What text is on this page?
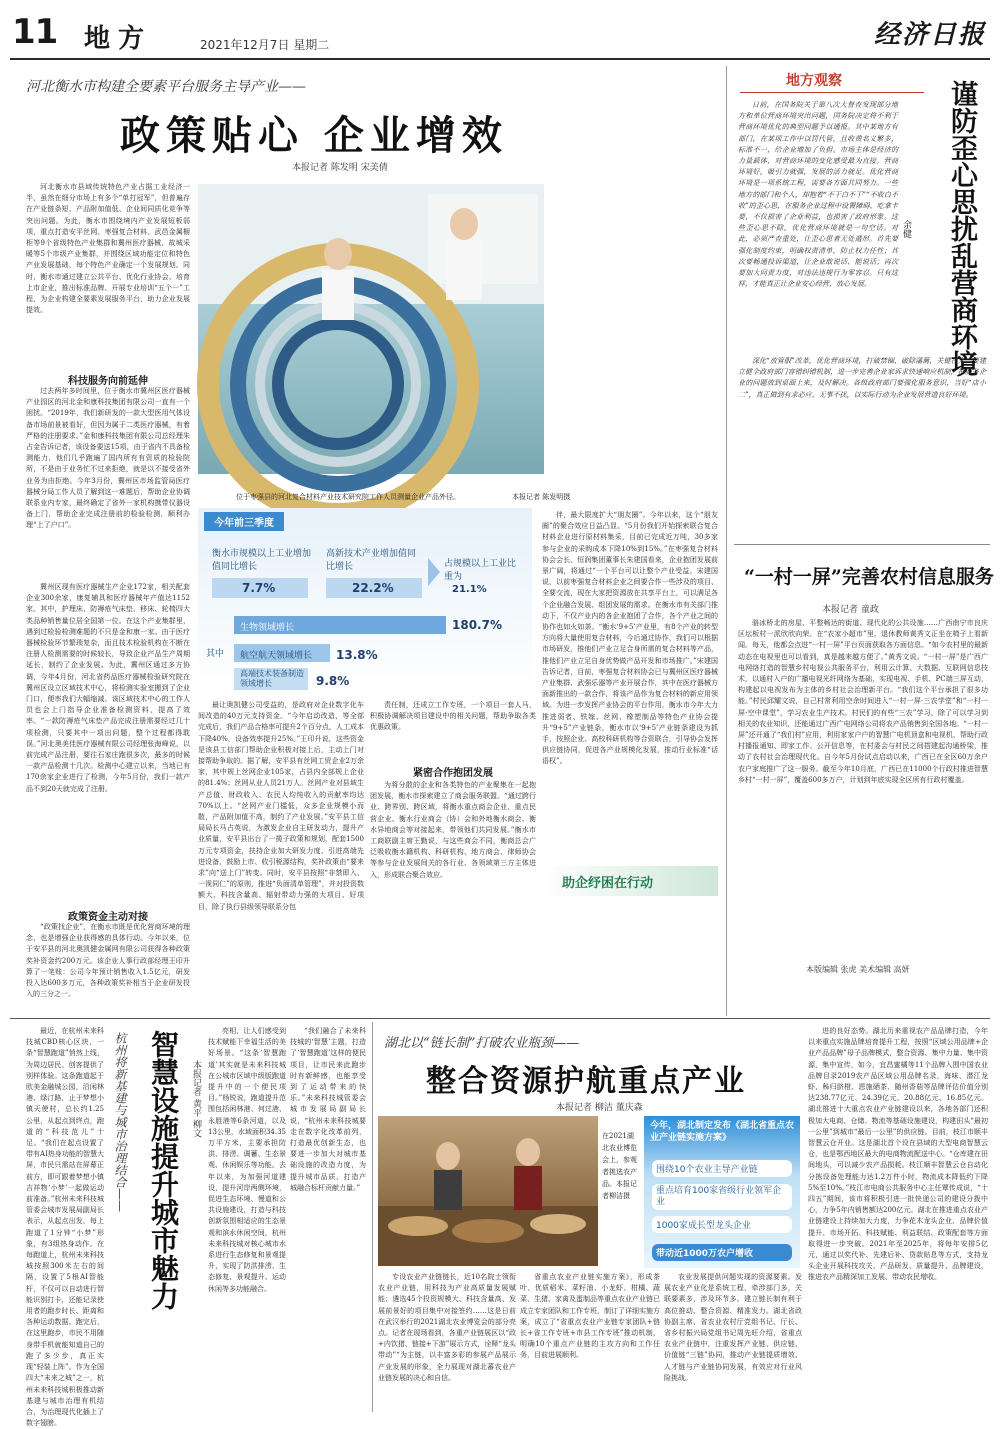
11 地方	2021年12月7日 星期二	经济日报
河北衡水市构建全要素平台服务主导产业——
政策贴心 企业增效
本报记者 陈发明 宋美倩

河北衡水市县域传统特色产业占据工业经济一半，虽然在细分市场上有多个“单打冠军”，但普遍存在产业链条短、产品附加值低、企业间同质化竞争等突出问题。为此，衡水市围绕境内产业发展短板弱项，重点打造安平丝网、枣强复合材料、武邑金属橱柜等9个省级特色产业集群和冀州医疗器械、故城采暖等5个市级产业集群，并围绕区域功能定位和特色产业发展基础，每个特色产业确定一个发展规划。同时，衡水市通过建立公共平台、优化行业协会、培育上市企业，推出标准品牌、开展专业培训“五个一”工程，为企业构建全要素发展服务平台，助力企业发展提效。

科技服务向前延伸

过去两年多时间里，位于衡水市冀州区医疗器械产业园区的河北金和康科技集团有限公司一直有一个困扰。“2019年，我们新研发的一款大型医用气体设备市场前景被看好，但因为属于二类医疗器械，有着严格的注册要求。”金和康科技集团有限公司总经理朱占金告诉记者，该设备要送15项，由于省内不具备检测能力，他们几乎跑遍了国内所有有资质的检验院所，不是由于业务忙不过来拒绝，就是以不接受省外业务为由拒绝。今年3月份，冀州区市场监管局医疗器械分局工作人员了解到这一难题后，帮助企业协调联系业内专家，最终确定了省外一家机构携带仪器设备上门，帮助企业完成注册前的检验检测，顺利办理“上了户口”。

冀州区现有医疗器械生产企业172家，相关配套企业300余家，康复辅具和医疗器械年产值达1152家。其中，护理床、防褥疮气床垫、移床、轮椅四大类品种销售量位居全国第一位。在这个产业集群里，遇到过检验检测难题的不只是金和康一家。由于医疗器械检验环节繁琐复杂，而且技术检验机构在不断在注册人检测需要的时候较长，导致企业产品生产周期延长，制约了企业发展。为此，冀州区通过多方协调，今年4月份，河北省药品医疗器械检验研究院在冀州区设立区域技术中心，将检测实验室搬到了企业门口，便率我们大幅缩减。该区域技术中心的工作人员也会上门指导企业准备检测资料，提高了效率。“一款防褥疮气床垫产品完成注册需要经过几十项检测，只要其中一项出问题，整个过程都得耽误。”河北奥美佳医疗器械有限公司经理张海峰说，以前完成产品注册，要往石家庄跑很多次，最多的时候一款产品检测十几次。检测中心建立以来，当地已有170余家企业进行了检测，今年5月份，我们一款产品不到20天就完成了注册。

政策资金主动对接

“政策找企业”，在衡水市既是优化营商环境的理念，也是增强企业获得感的具体行动。今年以来，位于安平县的河北奥凯健金属网有限公司获得各种政策奖补资金约200万元。该企业人事行政部经理王印升算了一笔账：公司今年预计销售收入1.5亿元，研发投入达600多万元，各种政策奖补相当于企业研发投入的三分之一。

位于枣强县的河北复合材料产业技术研究院工作人员测量企业产品外径。	本报记者 陈发明摄
今年前三季度
衡水市规模以上工业增加值同比增长
7.7%
高新技术产业增加值同比增长
22.2%
占规模以上工业比重为
21.1%
其中
生物领域增长	180.7%
航空航天领域增长 13.8%
高端技术装备制造领域增长	9.8%

最让奥凯健公司受益的，是政府对企业数字化车间改造的40万元支持资金。“今年启动改造，等全部完成后，我们产品合格率可提升2个百分点，人工成本下降40%，设备效率提升25%。”王印升说，这些资金是该县工信部门帮助企业积极对接上后，主动上门对接帮助争取的。据了解，安平县有丝网工贸企业2万余家，其中规上丝网企业105家，占县内全部规上企业的81.4%；丝网从业人员21万人。丝网产业对县域生产总值、财政收入、农民人均纯收入的贡献率均达70%以上。“丝网产业门槛低，众多企业规模小而散，产品附加值不高，制约了产业发展。”安平县工信局局长马占英说，为激发企业自主研发动力，提升产业质量，安平县出台了一揽子政策和规划，配套1500万元专项资金，扶持企业加大研发力度、引进高端先进设备，鼓励上市、收引税源结构，奖补政策由“要来求”向“送上门”转变。同时，安平县按照“非禁即入、一视同仁”的原则，推进“负面清单管理”，并对投资数额大、科技含量高、辐射带动力强的大项目、好项目，除了执行县级领导联系分包

责任制，还成立工作专班，一个项目一套人马，积极协调解决项目建设中的相关问题，帮助争取各类优惠政策。

紧密合作抱团发展

为将分散的企业和各类特色的产业聚集在一起抱团发展，衡水市探索建立了商会服务联盟。“通过跨行业、跨界别、跨区域，将衡水重点商会企业、重点民营企业、衡水行业商会（协）会和外地衡水商会、衡水异地商会等对接起来，带领他们共同发展。”衡水市工商联副主席王勤说，与这些商会不同，衡商总会广泛吸收衡水籍机构、科研机构、地方商会、律师协会等参与企业发展间关的各行业、各领域第三方主体进入，形成联合聚合效应。

伴，最大限度扩大“朋友圈”。今年以来，这个“朋友圈”的聚合效应日益凸显。“5月份我们开始探索联合复合材料企业进行原材料集采，目前已完成近万吨，30多家参与企业的采购成本下降10%到15%。”在枣强复合材料协会会长、恒润集团董事长朱建国看来，企业抱团发展前景广阔，将通过“一个平台可以让整个产业受益。宋建国说，以前枣强复合材料企业之间要合作一些涉及的项目、全要交流，现在大家把资源放在共享平台上，可以满足各个企业融合发展、组团发展的需求。在衡水市有关部门推动下，不仅产业内的各企业抱团了合作，各个产业之间的协作也如火如荼。“衡水‘9+5’产业里，有8个产业的转型方向将大量使用复合材料，今后通过协作，我们可以根据市场研发，推他们产业立足合身所需的复合材料等产品，推他们产业立足自身优势做产品开发和市场推广。”宋建国告诉记者，目前，枣强复合材料协会已与冀州区医疗器械产业集群、武强乐器等产业开展合作，其中在医疗器械方面新推出的一款合作，将该产品作为复合材料的新应用领域。为进一步发挥产业协会的平台作用，衡水市今年大力推进弱者、铁嫁、丝网、橡塑制品等特色产业协会提升“9+5”产业链条，衡水市以‘9+5’产业链条建设为抓手，按照企业、高校科研机构等合资联合，引导协会发挥供应链协同，促进各产业规模化发展，推动行业标准“话语权”。

助企纾困在行动
地方观察	谨防歪心思扰乱营商环境
余健

日前，在国务院关于第八次大督查发现部分地方和单位营商环境突出问题，国务院决定将不利于营商环境优化的典型问题予以通报。其中某地方有部门，在某项工作中以罚代管，且收费名义繁多，标准不一，给企业增加了负担。市场主体是经济的力量载体，对营商环境的变化感受最为直接。营商环境好，吸引力就强，发展的活力就足。优化营商环境是一项系统工程，需要各方面共同努力。一些地方的部门和个人，却抱着“不干白不干”“不收白不收”的歪心思，在服务企业过程中设置障碍、吃拿卡要，不仅损害了企业利益，也损害了政府形象。这些歪心思不除，优化营商环境就是一句空话。对此，必须严查重处，让歪心思者无处遁形。首先要强化制度约束，明确权责清单，防止权力任性；其次要畅通投诉渠道，让企业敢说话、能说话；再次要加大问责力度，对违法违规行为零容忍。只有这样，才能真正让企业安心经营、放心发展。

深化“放管服”改革，优化营商环境，打破禁锢、破除藩篱，关键在人。要建立健全政府部门容错纠错机制，进一步完善企业家诉求快速响应机制，把服务企业的问题放到桌面上来，及时解决。各级政府部门要强化服务意识，当好“店小二”，真正做到有求必应、无事不扰，以实际行动为企业发展营造良好环境。

“一村一屏”完善农村信息服务
本报记者 童政

骆冰桥北的房屋、平整畅达的街道、现代化的公共设施……广西南宁市良庆区坛板村一派欣欣向荣。在“农家小超市”里，退休教师黄秀文正坐在椅子上看新闻。每天，他都会点进“一村一屏”平台页面获取各方面信息。“如今农村里的最新动态在电视里也可以看到，真是越来越方便了。”黄秀文说。“一村一屏”是广西广电网络打造的智慧乡村电视公共服务平台，利用云计算、大数据、互联网信息技术，以通村入户的广播电视光纤网络为基础，实现电视、手机、PC端三屏互动，构建起以电视发布为主体的乡村社会治理新平台。“我们这个平台承担了很多功能。”村民邱耀文说，自己村常利用空余时间进入“一村一屏·三农学堂”和“一村一屏·空中课堂”，学习农业生产技术。村民们的有些“三农”学习，除了可以学习到相关的农业知识，还能通过广西广电网络公司将农产品销售到全国各地。“一村一屏”还开通了“我们村”应用，利用家家户户的智慧广电机顶盒和电视机，帮助行政村播报通知、即家工作、公开信息等，在村委会与村民之间搭建起沟通桥梁，推动了农村社会治理现代化。自今年5月份试点启动以来，广西已在全区60万余户农户家庭推广了这一服务。截至今年10月底，广西已在11000个行政村推进智慧乡村“一村一屏”，覆盖600多万户，计划到年底实现全区所有行政村覆盖。

本版编辑 张虎 美术编辑 高妍

最近，在杭州未来科技城CBD核心区块，一条“智慧跑道”悄然上线，为周边居民、创客提供了别样体验。这条跑道起于欧美金融城公园，沿闲林港、绿汀路，止于梦想小镇天使村，总长约1.25公里，从起点到终点，跑道的“科技范儿”十足。“我们在起点设置了带有AI热身功能的智慧大屏，市民只需站在屏幕正前方，即可跟着梦想小镇吉祥物‘小梦’一起做运动前准备。”杭州未来科技城管委会城市发展局副局长表示，从起点出发，每上跑道了1分钟“小梦”形象，有3组热身动作。在每跑道上，杭州未来科技城按照300米左右的间隔，设置了5根AI智能杆，不仅可以自动进行智能识别打卡，还能记录使用者的跑步时长、距离和各种运动数据。跑完后，在这里跑步，市民不用随身带手机就能知道自己的跑了多少步，真正实现“轻装上阵”。作为全国四大“未来之城”之一，杭州未来科技城积极推动新基建与城市治理有机结合，为治理现代化插上了数字翅膀。

杭州将新基建与城市治理结合—— 智慧设施提升城市魅力 本报记者 黄平 柳文

亮相，让人们感受到技术赋能下幸福生活的美好场景。“这条‘智慧跑道’其实就是未来科技城在公城市区域中级版跑道提升中的一个便民项目。”杨锐说，跑道提升范围包括闲林港、何过港、永胜港等6条河道，以及13公里，水域面积34.35万平方米，主要承担防洪、排涝、调蓄、生态景观、休闲娱乐等功能。去年以来，为加强河道建设，提升河岸两侧环境，促进生态环境、慢道和公共设施建设，打造与科技创新氛围相适应的生态景观和滨水休闲空间，杭州未来科技城对核心城市水系进行生态修复和景观提升，实现了防洪排涝、生态修复、景观提升、运动休闲等多功能融合。

“我们融合了未来科技城的‘智慧’主题，打造了‘智慧跑道’这样的便民项目，让市民来此跑步时有新鲜感，也能享受到了运动带来的快乐。”未来科技城管委会城市发展局副局长说，“杭州未来科技城要走在数字化改革前列，打造最优创新生态，也要进一步加大对城市基础设施的改造力度，为提升城市品质、打造产城融合标杆贡献力量。”

湖北以“链长制”打破农业瓶颈——
整合资源护航重点产业
本报记者 柳洁 董庆森
在2021湖北农业博览会上，参观者挑选农产品。本报记者柳洁摄
今年，湖北制定发布《湖北省重点农业产业链实施方案》
围绕10个农业主导产业链
重点培育100家省级行业领军企业
1000家成长型龙头企业
带动近1000万农户增收

专设农业产业链链长，近10名院士领衔农业产业链，用科技为产业高质量发展赋能；遴选45个投资规模大、科技含量高、发展前景好的项目集中对接签约……这是日前在武汉举行的2021湖北农业博览会的部分亮点。记者在现场看到，各重产业链展区以“政+内饮猪、链接+下游”展示方式，诠释“龙头带动”“为主链，以丰富多彩的参展产品展示产业发展的形象，全力展现对湖北蕃农业产业链发展的决心和自信。

省重点农业产业链实施方案》，形成茶叶、优质稻米、菜籽油、小龙虾、柑橘、蔬菜、生猪、家禽及蛋制品等重点农业产业链已成立专家团队和工作专班，制订了详细实施方案，成立了“省重点农业产业链专家团队+链长+省工作专班+市县工作专班”推动机制，明确10个重点产业链的主攻方向和工作任务，目前进展顺利。

农业发展提供问题实现的资源要素。发展农业产业化是系统工程，牵涉部门多，关联要素多，涉及环节多。建立链长制有利于高位推动、整合资源、精准发力。湖北省政协副主席、省农业农村厅党组书记、厅长、省乡村振兴局党组书记周先旺介绍，省重点农业产业链中，注重发挥产业链、供应链、价值链“三链”协同，推动产业链提质增效、人才链与产业链协同发展，有效应对行业风险挑战。

进的良好态势。湖北历来重视农产品品牌打造，今年以来重点实施品牌培育提升工程，按照“区域公用品牌+企业产品品牌”母子品牌模式，整合资源、集中力量、集中资源，集中宣传，如今，宜昌蜜橘等11个品牌入围中国农业品牌目录2019农产品区域公用品牌名录，海味、潜江龙虾、秭归脐橙、恩施硒茶、随州香菇等品牌评估价值分别达238.77亿元、24.39亿元、20.88亿元、16.85亿元。湖北推进十大重点农业产业链建设以来，各地各部门还积极加大电商、仓储、物流等基础设施建设，构建田头“最初一公里”到城市“最后一公里”的供应链。目前，枝江市顺丰智慧云仓开业。这是湖北首个设在县域的大型电商智慧云仓，也是鄂西地区最大的电商物流配送中心。“仓库建在田间地头，可以减少农产品损耗。枝江顺丰智慧云仓自动化分拣设备处理能力达1.2万件小时，物流成本降低约下降5%至10%。”枝江市电商公共服务中心主任覃传成说，“十四五”期间，该市将积极引进一批快递公司的建设分拨中心，力争5年内销售额达200亿元。湖北在推进重点农业产业链建设上持续加大力度，力争花木龙头企业、品牌价值提升、市场开拓、科技赋能、利益联结、政策配套等方面取得进一步突破。2021年至2025年，将每年安排5亿元，通过以奖代补、先建后补、贷款贴息等方式，支持龙头企业开展科技攻关、产品研发、质量提升、品牌建设，推进农产品精深加工发展、带动农民增收。
